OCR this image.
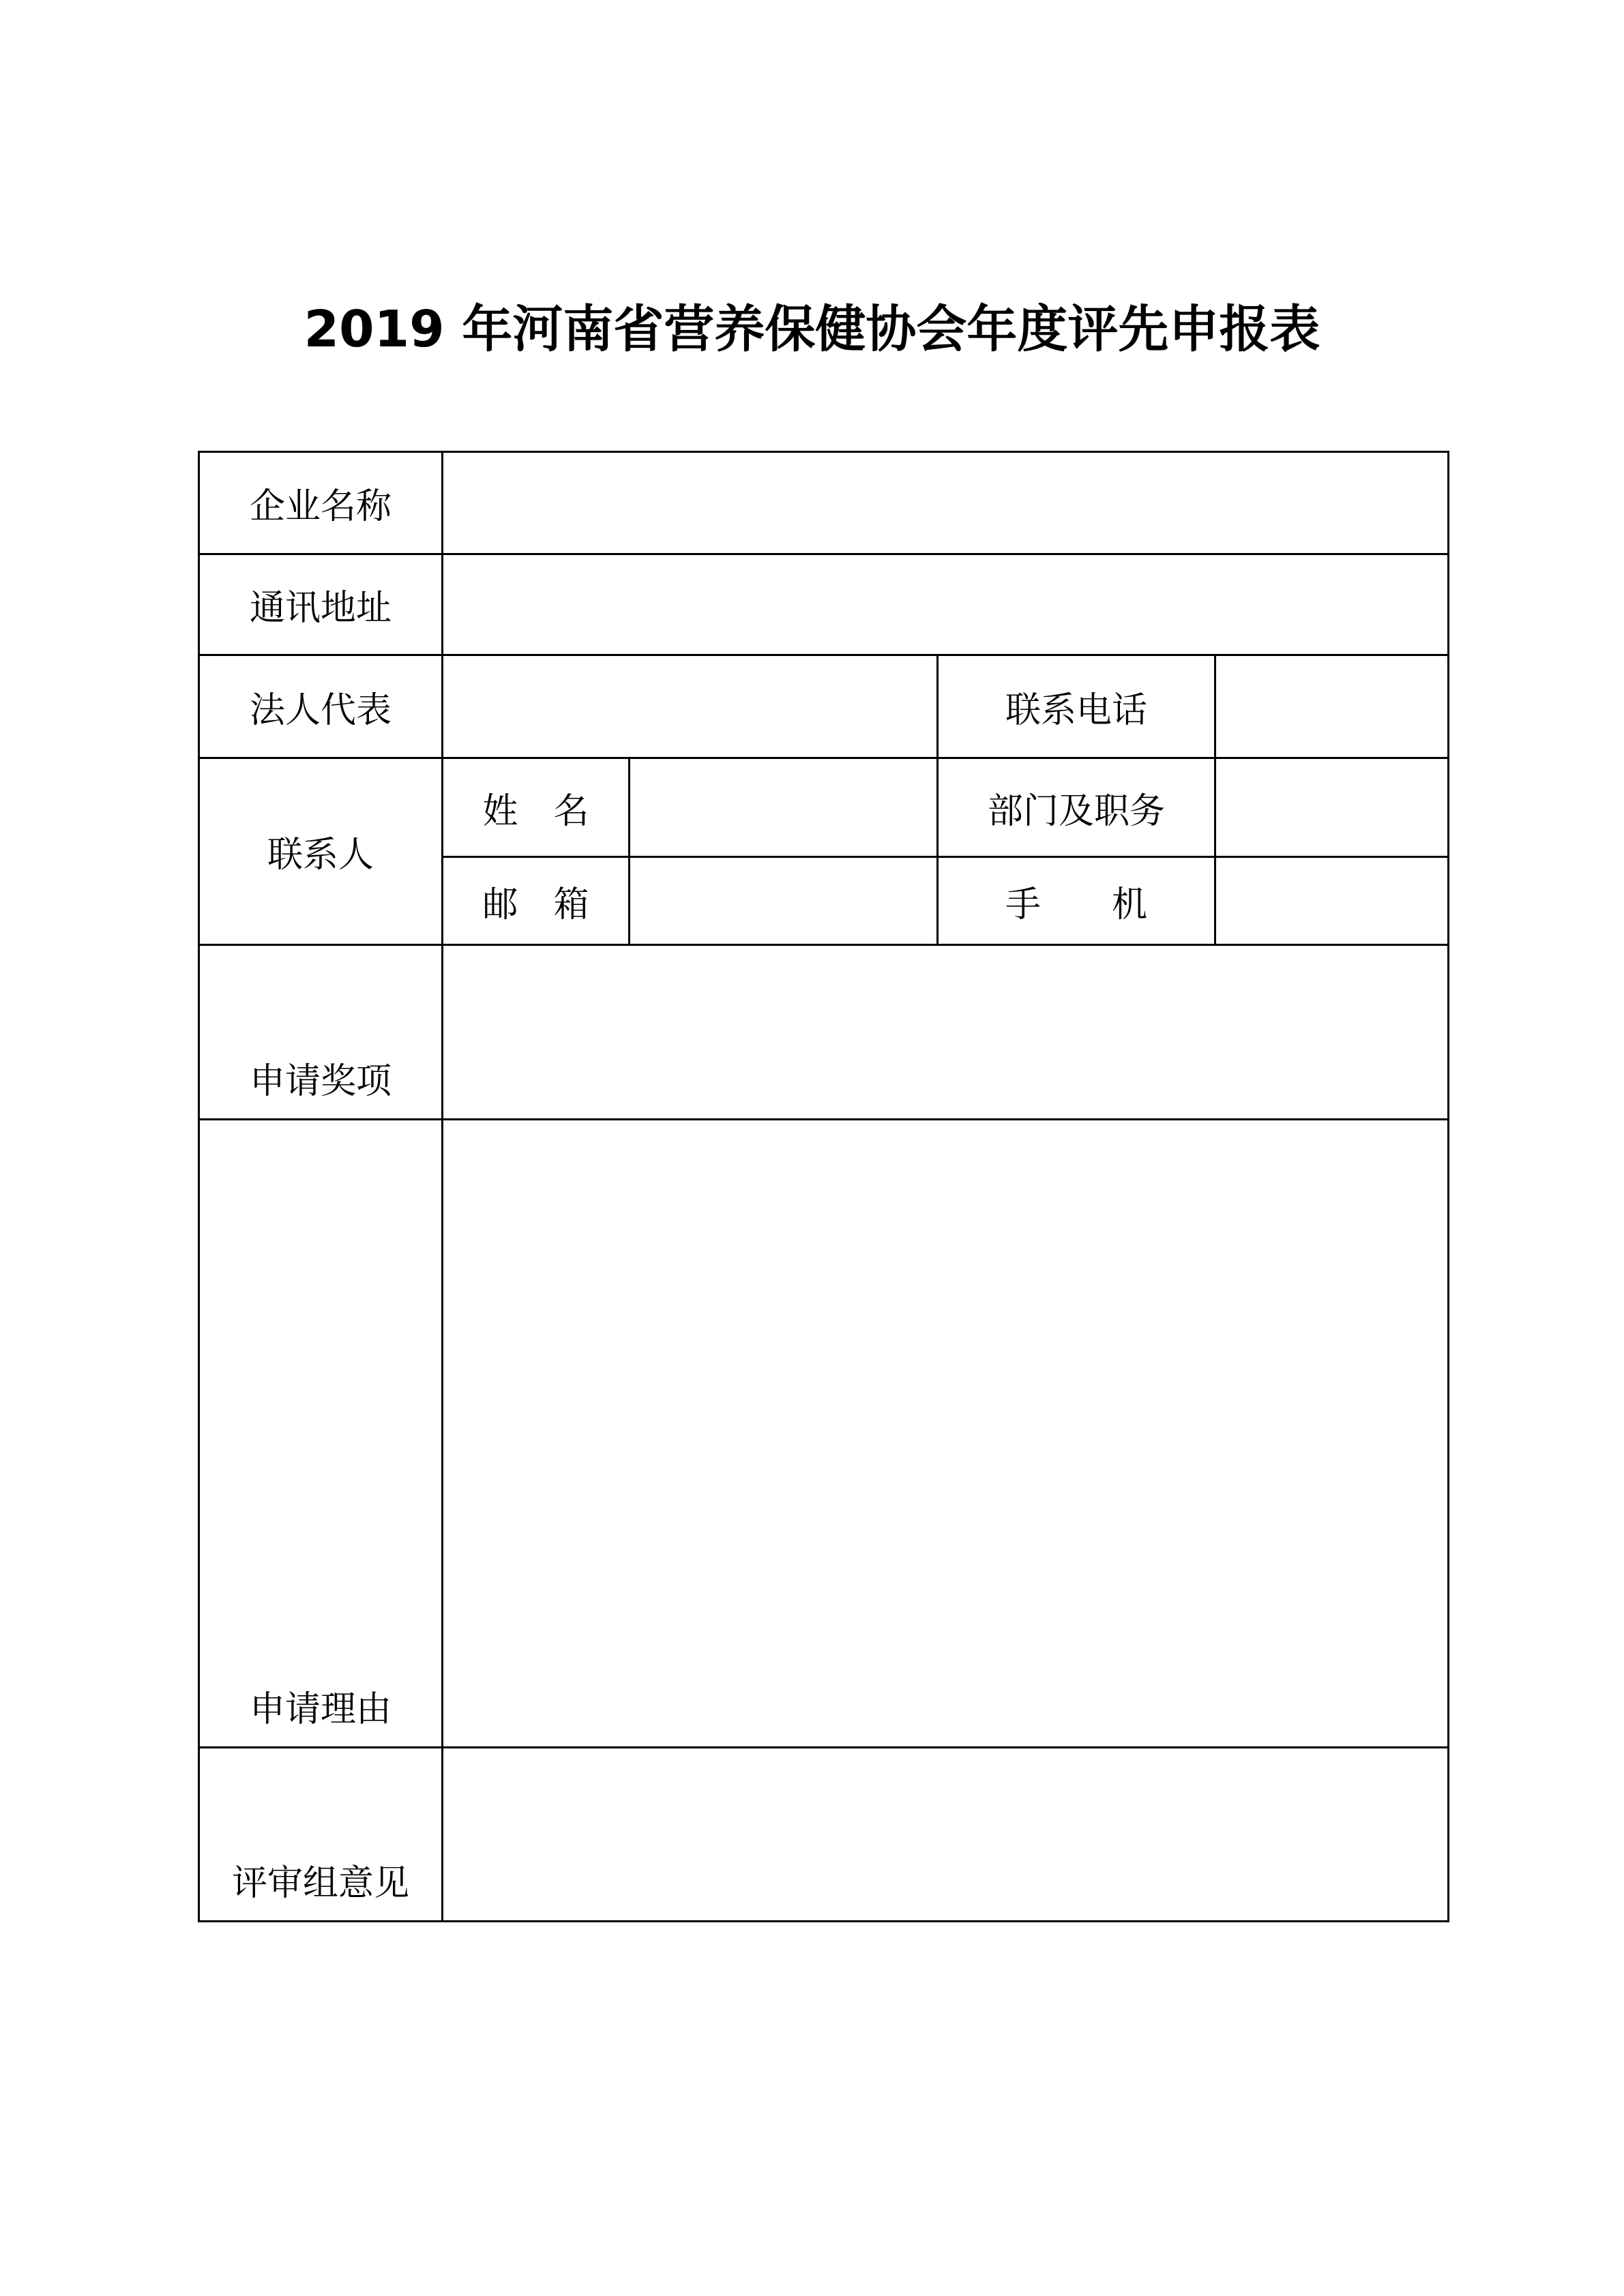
2019 年河南省营养保健协会年度评先申报表
企业名称				
通讯地址				
法人代表			联系电话	
联系人	姓　名		部门及职务	
	邮　箱		手　　机	
申请奖项				
申请理由				
评审组意见				
